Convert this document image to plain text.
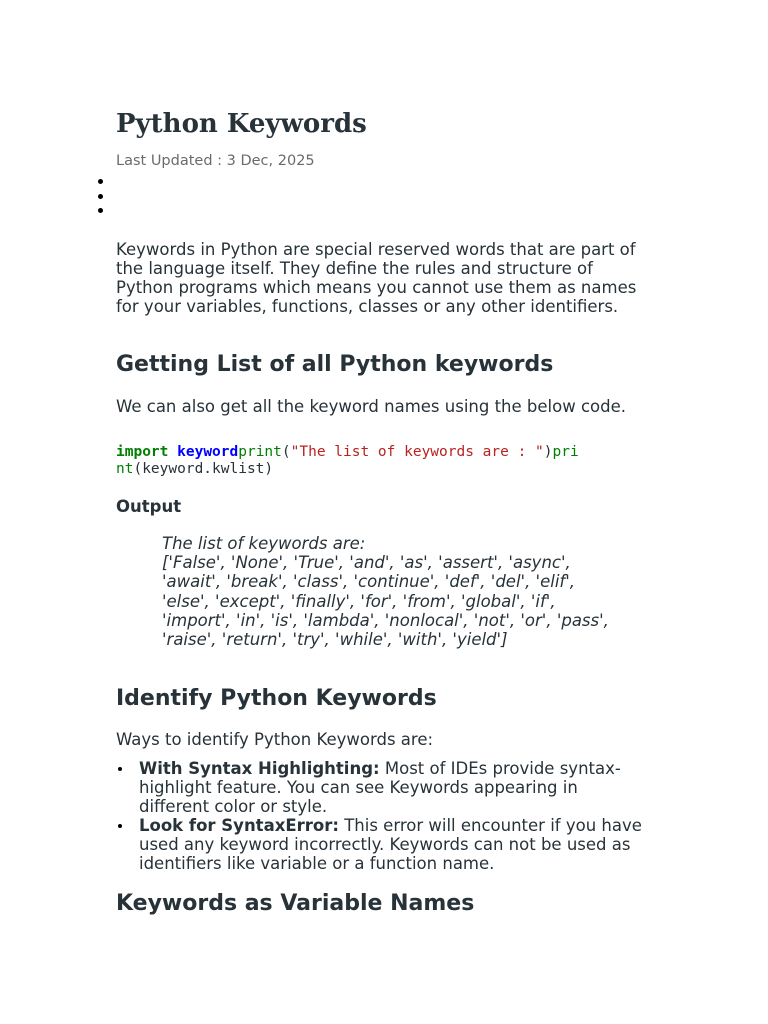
Python Keywords
Last Updated : 3 Dec, 2025

Keywords in Python are special reserved words that are part of the language itself. They define the rules and structure of Python programs which means you cannot use them as names for your variables, functions, classes or any other identifiers.

Getting List of all Python keywords

We can also get all the keyword names using the below code.

import keywordprint("The list of keywords are : ")print(keyword.kwlist)
Output
The list of keywords are:
['False', 'None', 'True', 'and', 'as', 'assert', 'async', 'await', 'break', 'class', 'continue', 'def', 'del', 'elif', 'else', 'except', 'finally', 'for', 'from', 'global', 'if', 'import', 'in', 'is', 'lambda', 'nonlocal', 'not', 'or', 'pass', 'raise', 'return', 'try', 'while', 'with', 'yield']
Identify Python Keywords

Ways to identify Python Keywords are:

With Syntax Highlighting: Most of IDEs provide syntax-highlight feature. You can see Keywords appearing in different color or style.
Look for SyntaxError: This error will encounter if you have used any keyword incorrectly. Keywords can not be used as identifiers like variable or a function name.
Keywords as Variable Names
